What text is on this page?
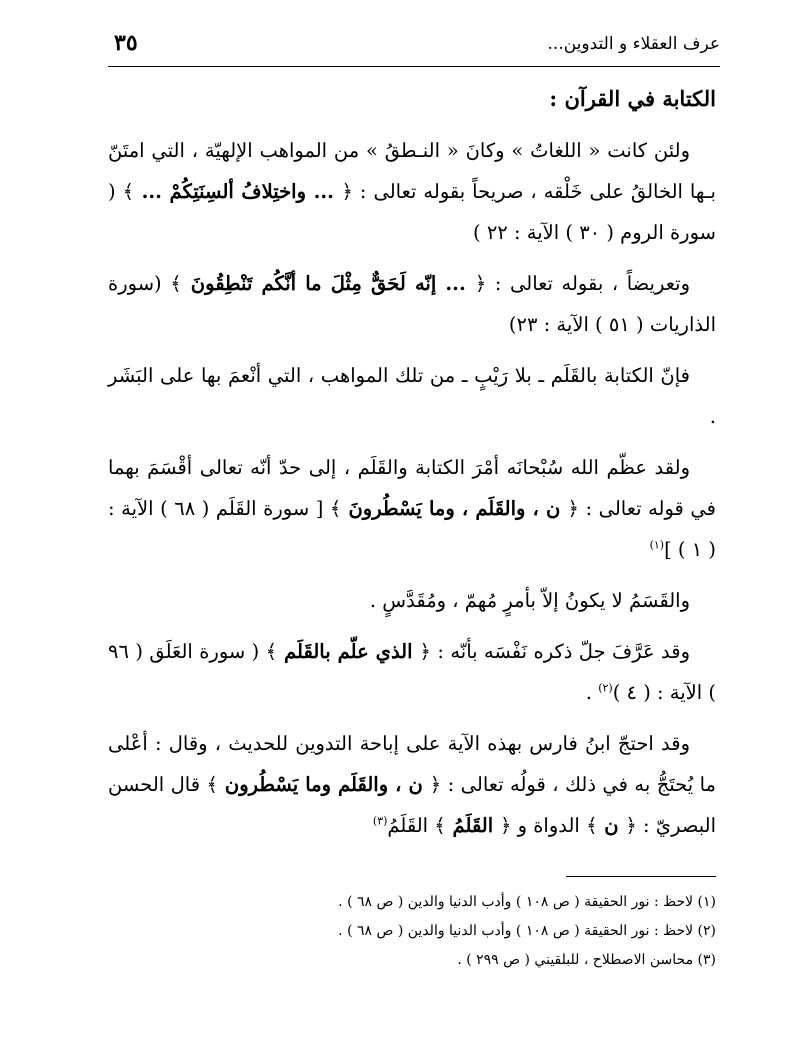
عرف العقلاء و التدوين...
٣٥
الكتابة في القرآن :

ولئن كانت « اللغاتُ » وكانَ « النـطقُ » من المواهب الإلهيّة ، التي امتَنّ بـها الخالقُ على خَلْقه ، صريحاً بقوله تعالى : ﴿ ... واختِلافُ ألسِنَتِكُمْ ... ﴾ ( سورة الروم ( ٣٠ ) الآية : ٢٢ )

وتعريضاً ، بقوله تعالى : ﴿ ... إنّه لَحَقٌّ مِثْلَ ما أنَّكُم تَنْطِقُونَ ﴾ (سورة الذاريات ( ٥١ ) الآية : ٢٣)

فإنّ الكتابة بالقَلَم ـ بلا رَيْبٍ ـ من تلك المواهب ، التي أنْعمَ بها على البَشَر .

ولقد عظّم الله سُبْحانَه أمْرَ الكتابة والقَلَم ، إلى حدّ أنّه تعالى أقْسَمَ بهما في قوله تعالى : ﴿ ن ، والقَلَم ، وما يَسْطُرونَ ﴾ [ سورة القَلَم ( ٦٨ ) الآية : ( ١ ) ]$^{(١)}$

والقَسَمُ لا يكونُ إلاّ بأمرٍ مُهمّ ، ومُقَدَّسٍ .

وقد عَرَّفَ جلّ ذكره نَفْسَه بأنّه : ﴿ الذي علّم بالقَلَم ﴾ ( سورة العَلَق ( ٩٦ ) الآية : ( ٤ )$^{(٢)}$ .

وقد احتجّ ابنُ فارس بهذه الآية على إباحة التدوين للحديث ، وقال : أعْلى ما يُحتَجُّ به في ذلك ، قولُه تعالى : ﴿ ن ، والقَلَم وما يَسْطُرون ﴾ قال الحسن البصريّ : ﴿ ن ﴾ الدواة و ﴿ القَلَمُ ﴾ القَلَمُ$^{(٣)}$

(١) لاحظ : نور الحقيقة ( ص ١٠٨ ) وأدب الدنيا والدين ( ص ٦٨ ) .

(٢) لاحظ : نور الحقيقة ( ص ١٠٨ ) وأدب الدنيا والدين ( ص ٦٨ ) .

(٣) محاسن الاصطلاح ، للبلقيني ( ص ٢٩٩ ) .
